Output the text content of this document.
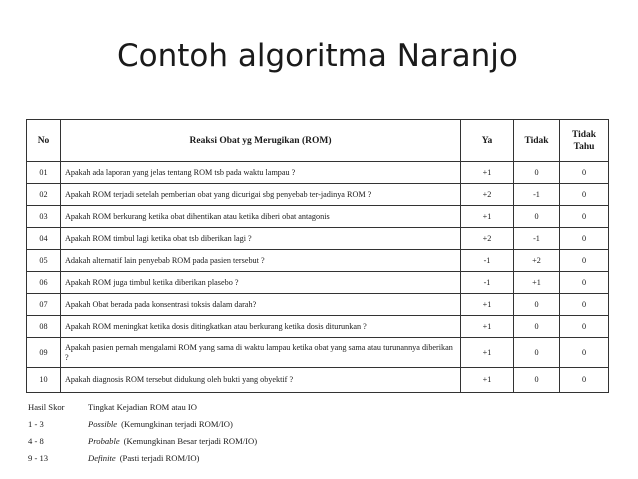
Contoh algoritma Naranjo
No	Reaksi Obat yg Merugikan (ROM)	Ya	Tidak	Tidak Tahu
01	Apakah ada laporan yang jelas tentang ROM tsb pada waktu lampau ?	+1	0	0
02	Apakah ROM terjadi setelah pemberian obat yang dicurigai sbg penyebab ter-jadinya ROM ?	+2	-1	0
03	Apakah ROM berkurang ketika obat dihentikan atau ketika diberi obat antagonis	+1	0	0
04	Apakah ROM timbul lagi ketika obat tsb diberikan lagi ?	+2	-1	0
05	Adakah alternatif lain penyebab ROM pada pasien tersebut ?	-1	+2	0
06	Apakah ROM juga timbul ketika diberikan plasebo ?	-1	+1	0
07	Apakah Obat berada pada konsentrasi toksis dalam darah?	+1	0	0
08	Apakah ROM meningkat ketika dosis ditingkatkan atau berkurang ketika dosis diturunkan ?	+1	0	0
09	Apakah pasien pernah mengalami ROM yang sama di waktu lampau ketika obat yang sama atau turunannya diberikan ?	+1	0	0
10	Apakah diagnosis ROM tersebut didukung oleh bukti yang obyektif ?	+1	0	0
Hasil Skor	Tingkat Kejadian ROM atau IO
1 - 3	Possible (Kemungkinan terjadi ROM/IO)
4 - 8	Probable (Kemungkinan Besar terjadi ROM/IO)
9 - 13	Definite (Pasti terjadi ROM/IO)
